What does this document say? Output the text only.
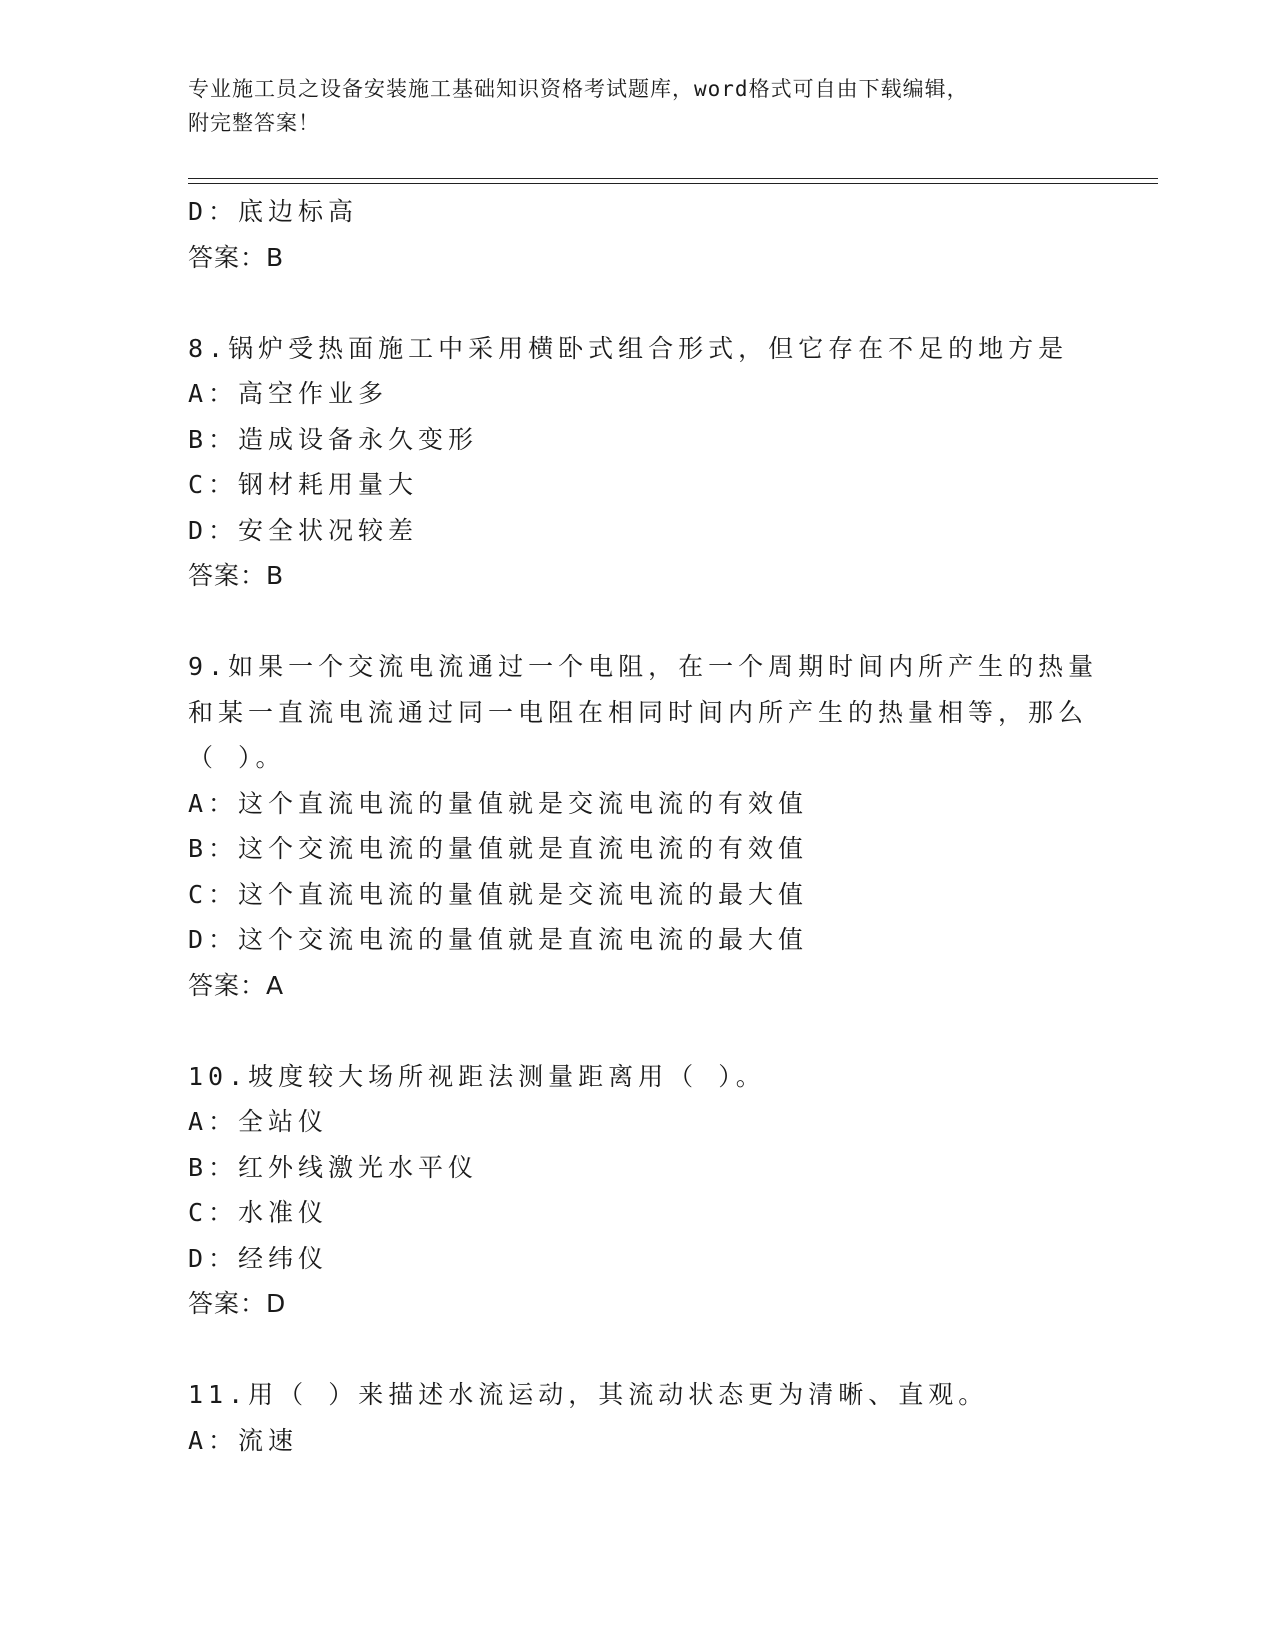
专业施工员之设备安装施工基础知识资格考试题库，word格式可自由下载编辑，
附完整答案！
D：底边标高
答案：B
8.锅炉受热面施工中采用横卧式组合形式，但它存在不足的地方是
A：高空作业多
B：造成设备永久变形
C：钢材耗用量大
D：安全状况较差
答案：B
9.如果一个交流电流通过一个电阻，在一个周期时间内所产生的热量
和某一直流电流通过同一电阻在相同时间内所产生的热量相等，那么
（ ）。
A：这个直流电流的量值就是交流电流的有效值
B：这个交流电流的量值就是直流电流的有效值
C：这个直流电流的量值就是交流电流的最大值
D：这个交流电流的量值就是直流电流的最大值
答案：A
10.坡度较大场所视距法测量距离用（ ）。
A：全站仪
B：红外线激光水平仪
C：水准仪
D：经纬仪
答案：D
11.用（ ）来描述水流运动，其流动状态更为清晰、直观。
A：流速
